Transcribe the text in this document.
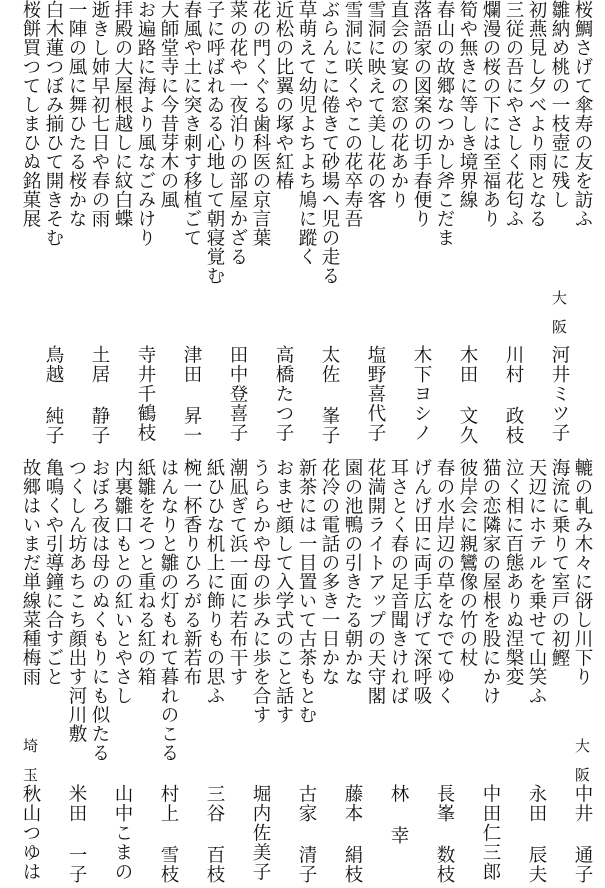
桜鯛さげて傘寿の友を訪ふ
雛納め桃の一枝壺に残し
初燕見し夕べより雨となる
三従の吾にやさしく花匂ふ
爛漫の桜の下には至福あり
筍や無きに等しき境界線
春山の故郷なつかし斧こだま
落語家の図案の切手春便り
直会の宴の窓の花あかり
雪洞に映えて美し花の客
雪洞に咲くやこの花卒寿吾
ぶらんこに倦きて砂場へ児の走る
草萌えて幼児よちよち鳩に蹤く
近松の比翼の塚や紅椿
花の門くぐる歯科医の京言葉
菜の花や一夜泊りの部屋かざる
子に呼ばれゐる心地して朝寝覚む
春風や土に突き刺す移植ごて
大師堂寺に今昔芽木の風
お遍路に海より風なごみけり
拝殿の大屋根越しに紋白蝶
逝きし姉早初七日や春の雨
一陣の風に舞ひたる桜かな
白木蓮つぼみ揃ひて開きそむ
桜餅買つてしまひぬ銘菓展
大阪
河井ミツ子
川村 政枝
木田 文久
木下ヨシノ
塩野喜代子
太佐 峯子
高橋たつ子
田中登喜子
津田 昇一
寺井千鶴枝
土居 静子
鳥越 純子
轆の軋み木々に谺し川下り
海流に乗りて室戸の初鰹
天辺にホテルを乗せて山笑ふ
泣く相に百態ありぬ涅槃変
猫の恋隣家の屋根を股にかけ
彼岸会に親鸞像の竹の杖
春の水岸辺の草をなでてゆく
げんげ田に両手広げて深呼吸
耳さとく春の足音聞きければ
花満開ライトアップの天守閣
園の池鴨の引きたる朝かな
花冷の電話の多き一日かな
新茶には一目置いて古茶もとむ
おませ顔して入学式のこと話す
うららかや母の歩みに歩を合す
潮凪ぎて浜一面に若布干す
紙ひひな机上に飾りもの思ふ
椀一杯香りひろがる新若布
はんなりと雛の灯もれて暮れのこる
紙雛をそつと重ねる紅の箱
内裏雛口もとの紅いとやさし
おぼろ夜は母のぬくもりにも似たる
つくしん坊あちこち顔出す河川敷
亀鳴くや引導鐘に合すごと
故郷はいまだ単線菜種梅雨
大阪
中井 通子
永田 辰夫
中田仁三郎
長峯 数枝
林 幸
藤本 絹枝
古家 清子
堀内佐美子
三谷 百枝
村上 雪枝
山中こまの
米田 一子
埼玉
秋山つゆは
